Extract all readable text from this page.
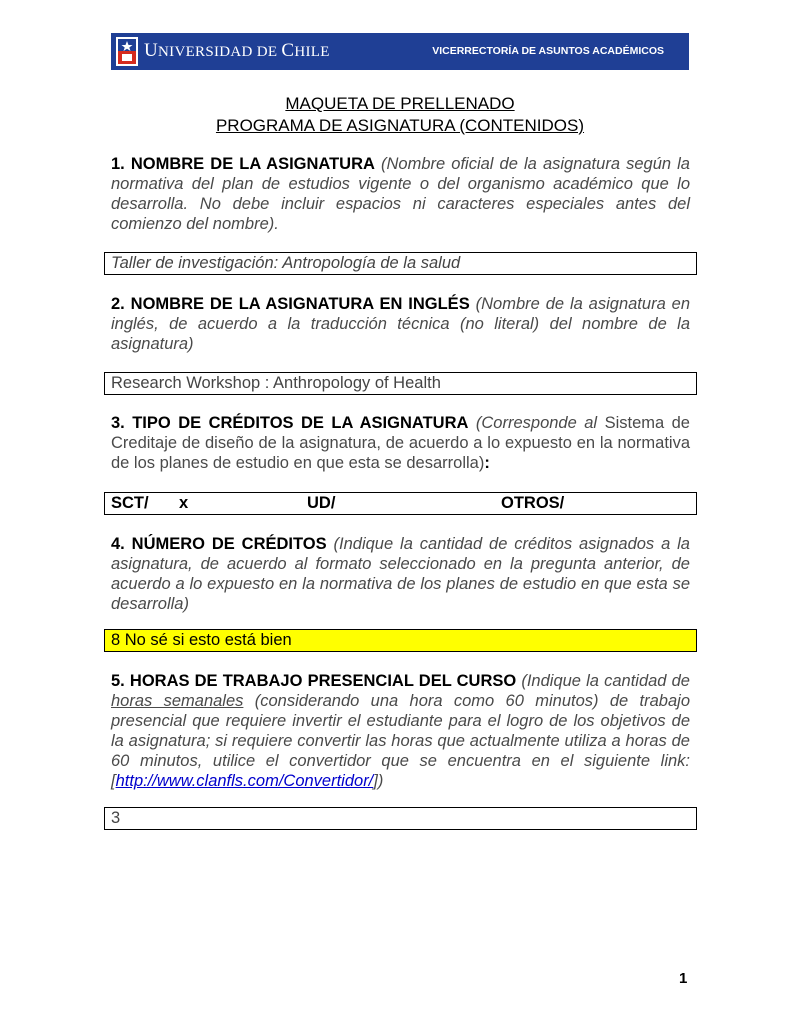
UNIVERSIDAD DE CHILE	VICERRECTORÍA DE ASUNTOS ACADÉMICOS
MAQUETA DE PRELLENADO
PROGRAMA DE ASIGNATURA (CONTENIDOS)
1. NOMBRE DE LA ASIGNATURA (Nombre oficial de la asignatura según la normativa del plan de estudios vigente o del organismo académico que lo desarrolla. No debe incluir espacios ni caracteres especiales antes del comienzo del nombre).
Taller de investigación: Antropología de la salud
2. NOMBRE DE LA ASIGNATURA EN INGLÉS (Nombre de la asignatura en inglés, de acuerdo a la traducción técnica (no literal) del nombre de la asignatura)
Research Workshop : Anthropology of Health
3. TIPO DE CRÉDITOS DE LA ASIGNATURA (Corresponde al Sistema de Creditaje de diseño de la asignatura, de acuerdo a lo expuesto en la normativa de los planes de estudio en que esta se desarrolla):
SCT/ x	UD/	OTROS/
4. NÚMERO DE CRÉDITOS (Indique la cantidad de créditos asignados a la asignatura, de acuerdo al formato seleccionado en la pregunta anterior, de acuerdo a lo expuesto en la normativa de los planes de estudio en que esta se desarrolla)
8 No sé si esto está bien
5. HORAS DE TRABAJO PRESENCIAL DEL CURSO (Indique la cantidad de horas semanales (considerando una hora como 60 minutos) de trabajo presencial que requiere invertir el estudiante para el logro de los objetivos de la asignatura; si requiere convertir las horas que actualmente utiliza a horas de 60 minutos, utilice el convertidor que se encuentra en el siguiente link: [http://www.clanfls.com/Convertidor/])
3
1
